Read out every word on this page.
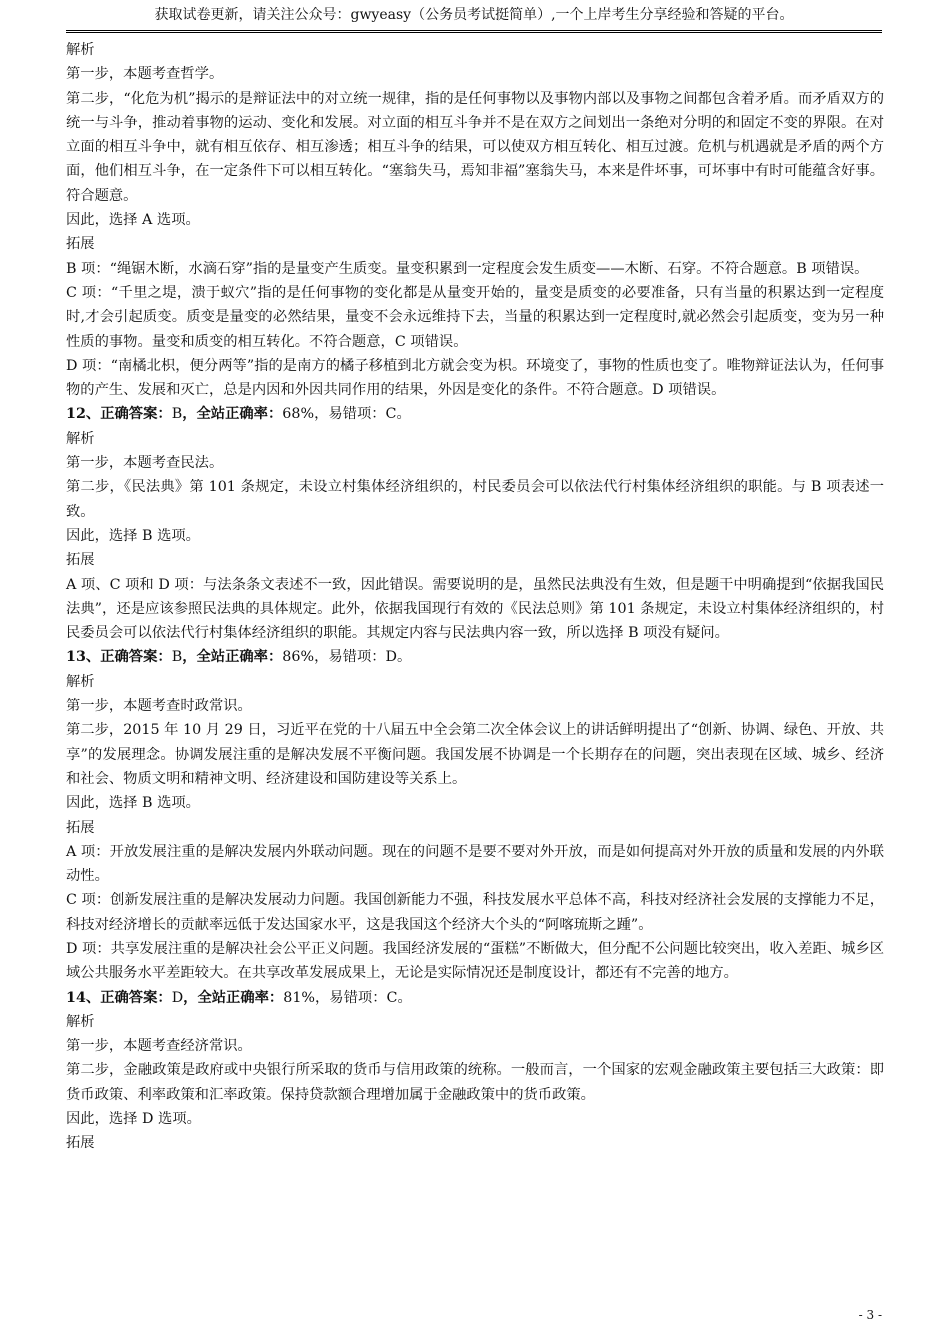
获取试卷更新，请关注公众号：gwyeasy（公务员考试挺简单）,一个上岸考生分享经验和答疑的平台。

解析

第一步，本题考查哲学。

第二步，“化危为机”揭示的是辩证法中的对立统一规律，指的是任何事物以及事物内部以及事物之间都包含着矛盾。而矛盾双方的统一与斗争，推动着事物的运动、变化和发展。对立面的相互斗争并不是在双方之间划出一条绝对分明的和固定不变的界限。在对立面的相互斗争中，就有相互依存、相互渗透；相互斗争的结果，可以使双方相互转化、相互过渡。危机与机遇就是矛盾的两个方面，他们相互斗争，在一定条件下可以相互转化。“塞翁失马，焉知非福”塞翁失马，本来是件坏事，可坏事中有时可能蕴含好事。符合题意。

因此，选择 A 选项。

拓展

B 项：“绳锯木断，水滴石穿”指的是量变产生质变。量变积累到一定程度会发生质变——木断、石穿。不符合题意。B 项错误。

C 项：“千里之堤，溃于蚁穴”指的是任何事物的变化都是从量变开始的，量变是质变的必要准备，只有当量的积累达到一定程度时,才会引起质变。质变是量变的必然结果，量变不会永远维持下去，当量的积累达到一定程度时,就必然会引起质变，变为另一种性质的事物。量变和质变的相互转化。不符合题意，C 项错误。

D 项：“南橘北枳，便分两等”指的是南方的橘子移植到北方就会变为枳。环境变了，事物的性质也变了。唯物辩证法认为，任何事物的产生、发展和灭亡，总是内因和外因共同作用的结果，外因是变化的条件。不符合题意。D 项错误。

12、正确答案：B，全站正确率：68%，易错项：C。

解析

第一步，本题考查民法。

第二步，《民法典》第 101 条规定，未设立村集体经济组织的，村民委员会可以依法代行村集体经济组织的职能。与 B 项表述一致。

因此，选择 B 选项。

拓展

A 项、C 项和 D 项：与法条条文表述不一致，因此错误。需要说明的是，虽然民法典没有生效，但是题干中明确提到“依据我国民法典”，还是应该参照民法典的具体规定。此外，依据我国现行有效的《民法总则》第 101 条规定，未设立村集体经济组织的，村民委员会可以依法代行村集体经济组织的职能。其规定内容与民法典内容一致，所以选择 B 项没有疑问。

13、正确答案：B，全站正确率：86%，易错项：D。

解析

第一步，本题考查时政常识。

第二步，2015 年 10 月 29 日，习近平在党的十八届五中全会第二次全体会议上的讲话鲜明提出了“创新、协调、绿色、开放、共享”的发展理念。协调发展注重的是解决发展不平衡问题。我国发展不协调是一个长期存在的问题，突出表现在区域、城乡、经济和社会、物质文明和精神文明、经济建设和国防建设等关系上。

因此，选择 B 选项。

拓展

A 项：开放发展注重的是解决发展内外联动问题。现在的问题不是要不要对外开放，而是如何提高对外开放的质量和发展的内外联动性。

C 项：创新发展注重的是解决发展动力问题。我国创新能力不强，科技发展水平总体不高，科技对经济社会发展的支撑能力不足，科技对经济增长的贡献率远低于发达国家水平，这是我国这个经济大个头的“阿喀琉斯之踵”。

D 项：共享发展注重的是解决社会公平正义问题。我国经济发展的“蛋糕”不断做大，但分配不公问题比较突出，收入差距、城乡区域公共服务水平差距较大。在共享改革发展成果上，无论是实际情况还是制度设计，都还有不完善的地方。

14、正确答案：D，全站正确率：81%，易错项：C。

解析

第一步，本题考查经济常识。

第二步，金融政策是政府或中央银行所采取的货币与信用政策的统称。一般而言，一个国家的宏观金融政策主要包括三大政策：即货币政策、利率政策和汇率政策。保持贷款额合理增加属于金融政策中的货币政策。

因此，选择 D 选项。

拓展

- 3 -
